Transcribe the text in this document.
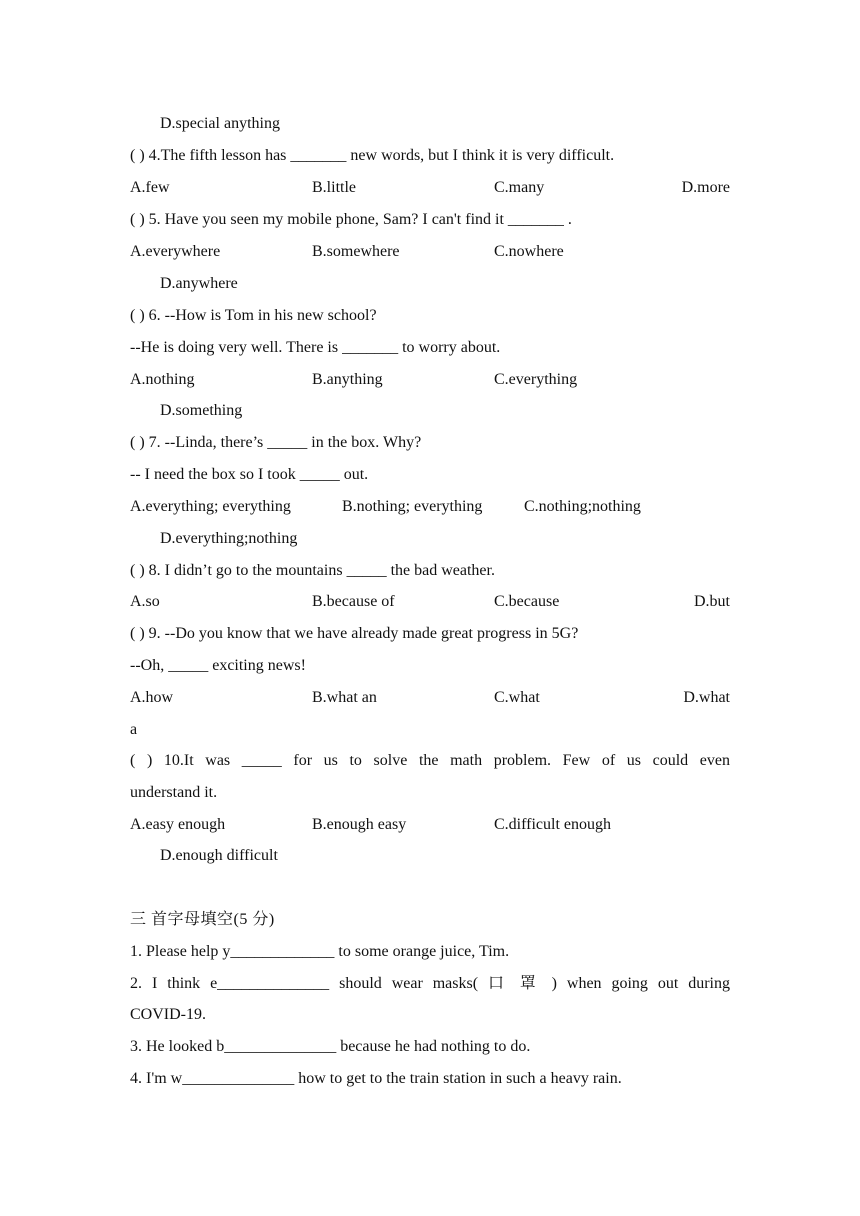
D.special anything
( ) 4.The fifth lesson has _______ new words, but I think it is very difficult.
A.few	B.little	C.many	D.more
( ) 5. Have you seen my mobile phone, Sam? I can't find it _______ .
A.everywhere	B.somewhere	C.nowhere
D.anywhere
( ) 6. --How is Tom in his new school?
--He is doing very well. There is _______ to worry about.
A.nothing	B.anything	C.everything
D.something
( ) 7. --Linda, there’s _____ in the box. Why?
-- I need the box so I took _____ out.
A.everything; everything	B.nothing; everything	C.nothing;nothing
D.everything;nothing
( ) 8. I didn’t go to the mountains _____ the bad weather.
A.so	B.because of	C.because	D.but
( ) 9. --Do you know that we have already made great progress in 5G?
--Oh, _____ exciting news!
A.how	B.what an	C.what	D.what
a
( ) 10.It was _____ for us to solve the math problem. Few of us could even
understand it.
A.easy enough	B.enough easy	C.difficult enough
D.enough difficult
三 首字母填空(5 分)
1. Please help y_____________ to some orange juice, Tim.
2. I think e______________ should wear masks( 口 罩 ) when going out during
COVID-19.
3. He looked b______________ because he had nothing to do.
4. I'm w______________ how to get to the train station in such a heavy rain.
